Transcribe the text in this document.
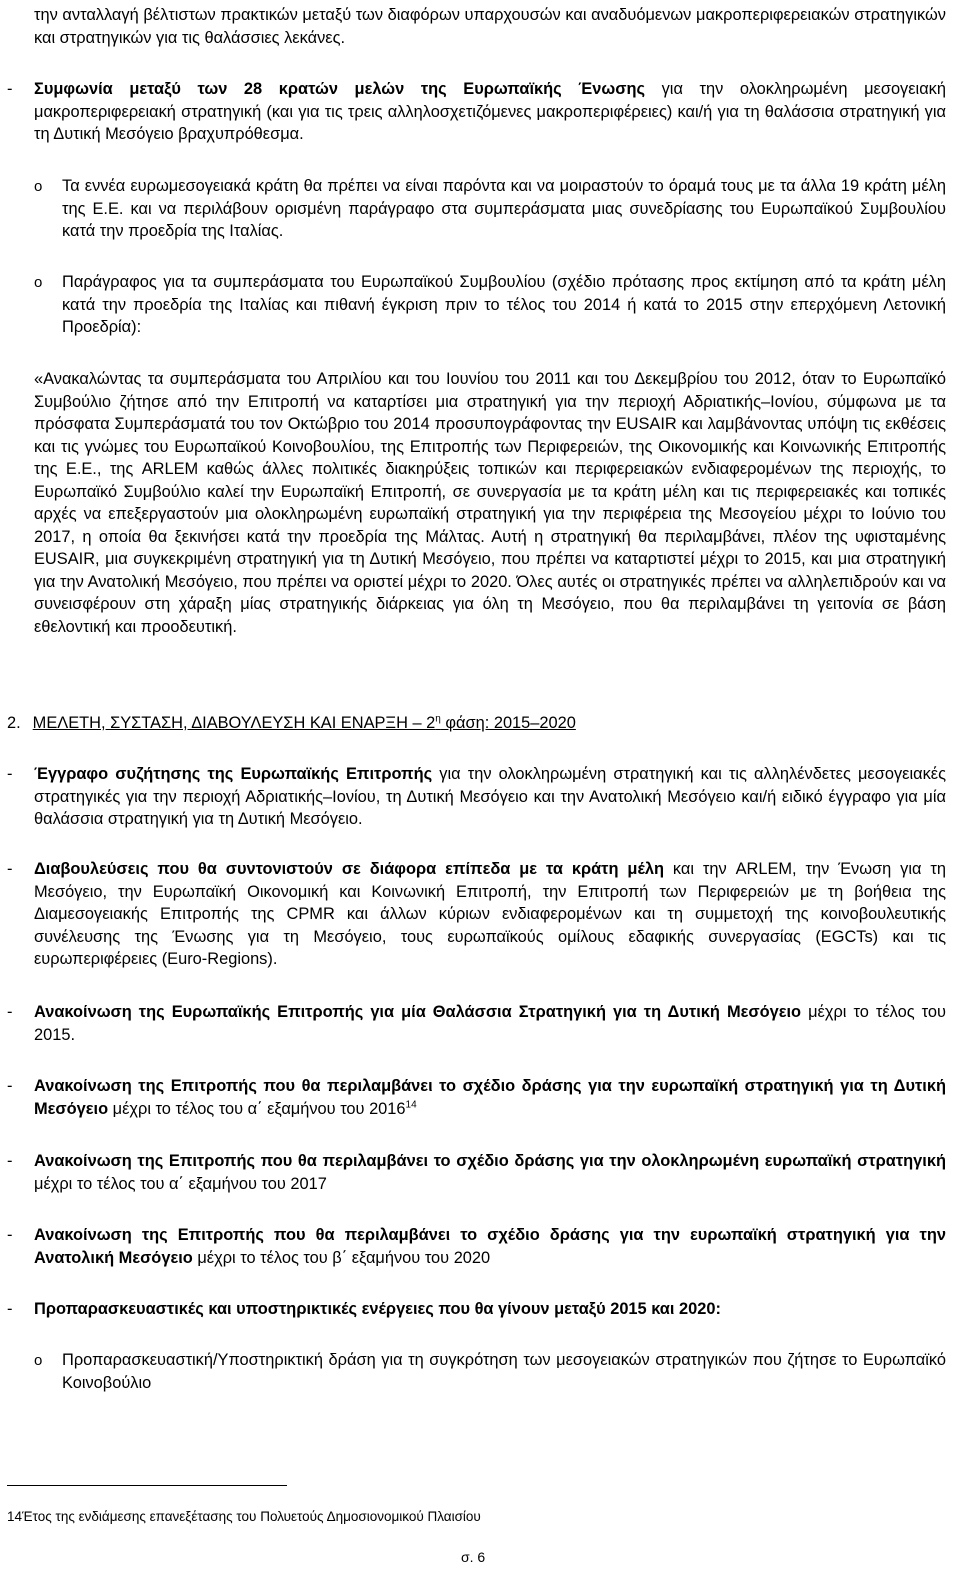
την ανταλλαγή βέλτιστων πρακτικών μεταξύ των διαφόρων υπαρχουσών και αναδυόμενων μακροπεριφερειακών στρατηγικών και στρατηγικών για τις θαλάσσιες λεκάνες.
- Συμφωνία μεταξύ των 28 κρατών μελών της Ευρωπαϊκής Ένωσης για την ολοκληρωμένη μεσογειακή μακροπεριφερειακή στρατηγική (και για τις τρεις αλληλοσχετιζόμενες μακροπεριφέρειες) και/ή για τη θαλάσσια στρατηγική για τη Δυτική Μεσόγειο βραχυπρόθεσμα.
o Τα εννέα ευρωμεσογειακά κράτη θα πρέπει να είναι παρόντα και να μοιραστούν το όραμά τους με τα άλλα 19 κράτη μέλη της Ε.Ε. και να περιλάβουν ορισμένη παράγραφο στα συμπεράσματα μιας συνεδρίασης του Ευρωπαϊκού Συμβουλίου κατά την προεδρία της Ιταλίας.
o Παράγραφος για τα συμπεράσματα του Ευρωπαϊκού Συμβουλίου (σχέδιο πρότασης προς εκτίμηση από τα κράτη μέλη κατά την προεδρία της Ιταλίας και πιθανή έγκριση πριν το τέλος του 2014 ή κατά το 2015 στην επερχόμενη Λετονική Προεδρία):
«Ανακαλώντας τα συμπεράσματα του Απριλίου και του Ιουνίου του 2011 και του Δεκεμβρίου του 2012, όταν το Ευρωπαϊκό Συμβούλιο ζήτησε από την Επιτροπή να καταρτίσει μια στρατηγική για την περιοχή Αδριατικής–Ιονίου, σύμφωνα με τα πρόσφατα Συμπεράσματά του τον Οκτώβριο του 2014 προσυπογράφοντας την EUSAIR και λαμβάνοντας υπόψη τις εκθέσεις και τις γνώμες του Ευρωπαϊκού Κοινοβουλίου, της Επιτροπής των Περιφερειών, της Οικονομικής και Κοινωνικής Επιτροπής της Ε.Ε., της ARLEM καθώς άλλες πολιτικές διακηρύξεις τοπικών και περιφερειακών ενδιαφερομένων της περιοχής, το Ευρωπαϊκό Συμβούλιο καλεί την Ευρωπαϊκή Επιτροπή, σε συνεργασία με τα κράτη μέλη και τις περιφερειακές και τοπικές αρχές να επεξεργαστούν μια ολοκληρωμένη ευρωπαϊκή στρατηγική για την περιφέρεια της Μεσογείου μέχρι το Ιούνιο του 2017, η οποία θα ξεκινήσει κατά την προεδρία της Μάλτας. Αυτή η στρατηγική θα περιλαμβάνει, πλέον της υφισταμένης EUSAIR, μια συγκεκριμένη στρατηγική για τη Δυτική Μεσόγειο, που πρέπει να καταρτιστεί μέχρι το 2015, και μια στρατηγική για την Ανατολική Μεσόγειο, που πρέπει να οριστεί μέχρι το 2020. Όλες αυτές οι στρατηγικές πρέπει να αλληλεπιδρούν και να συνεισφέρουν στη χάραξη μίας στρατηγικής διάρκειας για όλη τη Μεσόγειο, που θα περιλαμβάνει τη γειτονία σε βάση εθελοντική και προοδευτική.
2. ΜΕΛΕΤΗ, ΣΥΣΤΑΣΗ, ΔΙΑΒΟΥΛΕΥΣΗ ΚΑΙ ΕΝΑΡΞΗ – $2^\eta$ φάση: 2015–2020
- Έγγραφο συζήτησης της Ευρωπαϊκής Επιτροπής για την ολοκληρωμένη στρατηγική και τις αλληλένδετες μεσογειακές στρατηγικές για την περιοχή Αδριατικής–Ιονίου, τη Δυτική Μεσόγειο και την Ανατολική Μεσόγειο και/ή ειδικό έγγραφο για μία θαλάσσια στρατηγική για τη Δυτική Μεσόγειο.
- Διαβουλεύσεις που θα συντονιστούν σε διάφορα επίπεδα με τα κράτη μέλη και την ARLEM, την Ένωση για τη Μεσόγειο, την Ευρωπαϊκή Οικονομική και Κοινωνική Επιτροπή, την Επιτροπή των Περιφερειών με τη βοήθεια της Διαμεσογειακής Επιτροπής της CPMR και άλλων κύριων ενδιαφερομένων και τη συμμετοχή της κοινοβουλευτικής συνέλευσης της Ένωσης για τη Μεσόγειο, τους ευρωπαϊκούς ομίλους εδαφικής συνεργασίας (EGCTs) και τις ευρωπεριφέρειες (Euro-Regions).
- Ανακοίνωση της Ευρωπαϊκής Επιτροπής για μία Θαλάσσια Στρατηγική για τη Δυτική Μεσόγειο μέχρι το τέλος του 2015.
- Ανακοίνωση της Επιτροπής που θα περιλαμβάνει το σχέδιο δράσης για την ευρωπαϊκή στρατηγική για τη Δυτική Μεσόγειο μέχρι το τέλος του α΄ εξαμήνου του 2016$^{14}$
- Ανακοίνωση της Επιτροπής που θα περιλαμβάνει το σχέδιο δράσης για την ολοκληρωμένη ευρωπαϊκή στρατηγική μέχρι το τέλος του α΄ εξαμήνου του 2017
- Ανακοίνωση της Επιτροπής που θα περιλαμβάνει το σχέδιο δράσης για την ευρωπαϊκή στρατηγική για την Ανατολική Μεσόγειο μέχρι το τέλος του β΄ εξαμήνου του 2020
- Προπαρασκευαστικές και υποστηρικτικές ενέργειες που θα γίνουν μεταξύ 2015 και 2020:
o Προπαρασκευαστική/Υποστηρικτική δράση για τη συγκρότηση των μεσογειακών στρατηγικών που ζήτησε το Ευρωπαϊκό Κοινοβούλιο
14Έτος της ενδιάμεσης επανεξέτασης του Πολυετούς Δημοσιονομικού Πλαισίου
σ. 6
